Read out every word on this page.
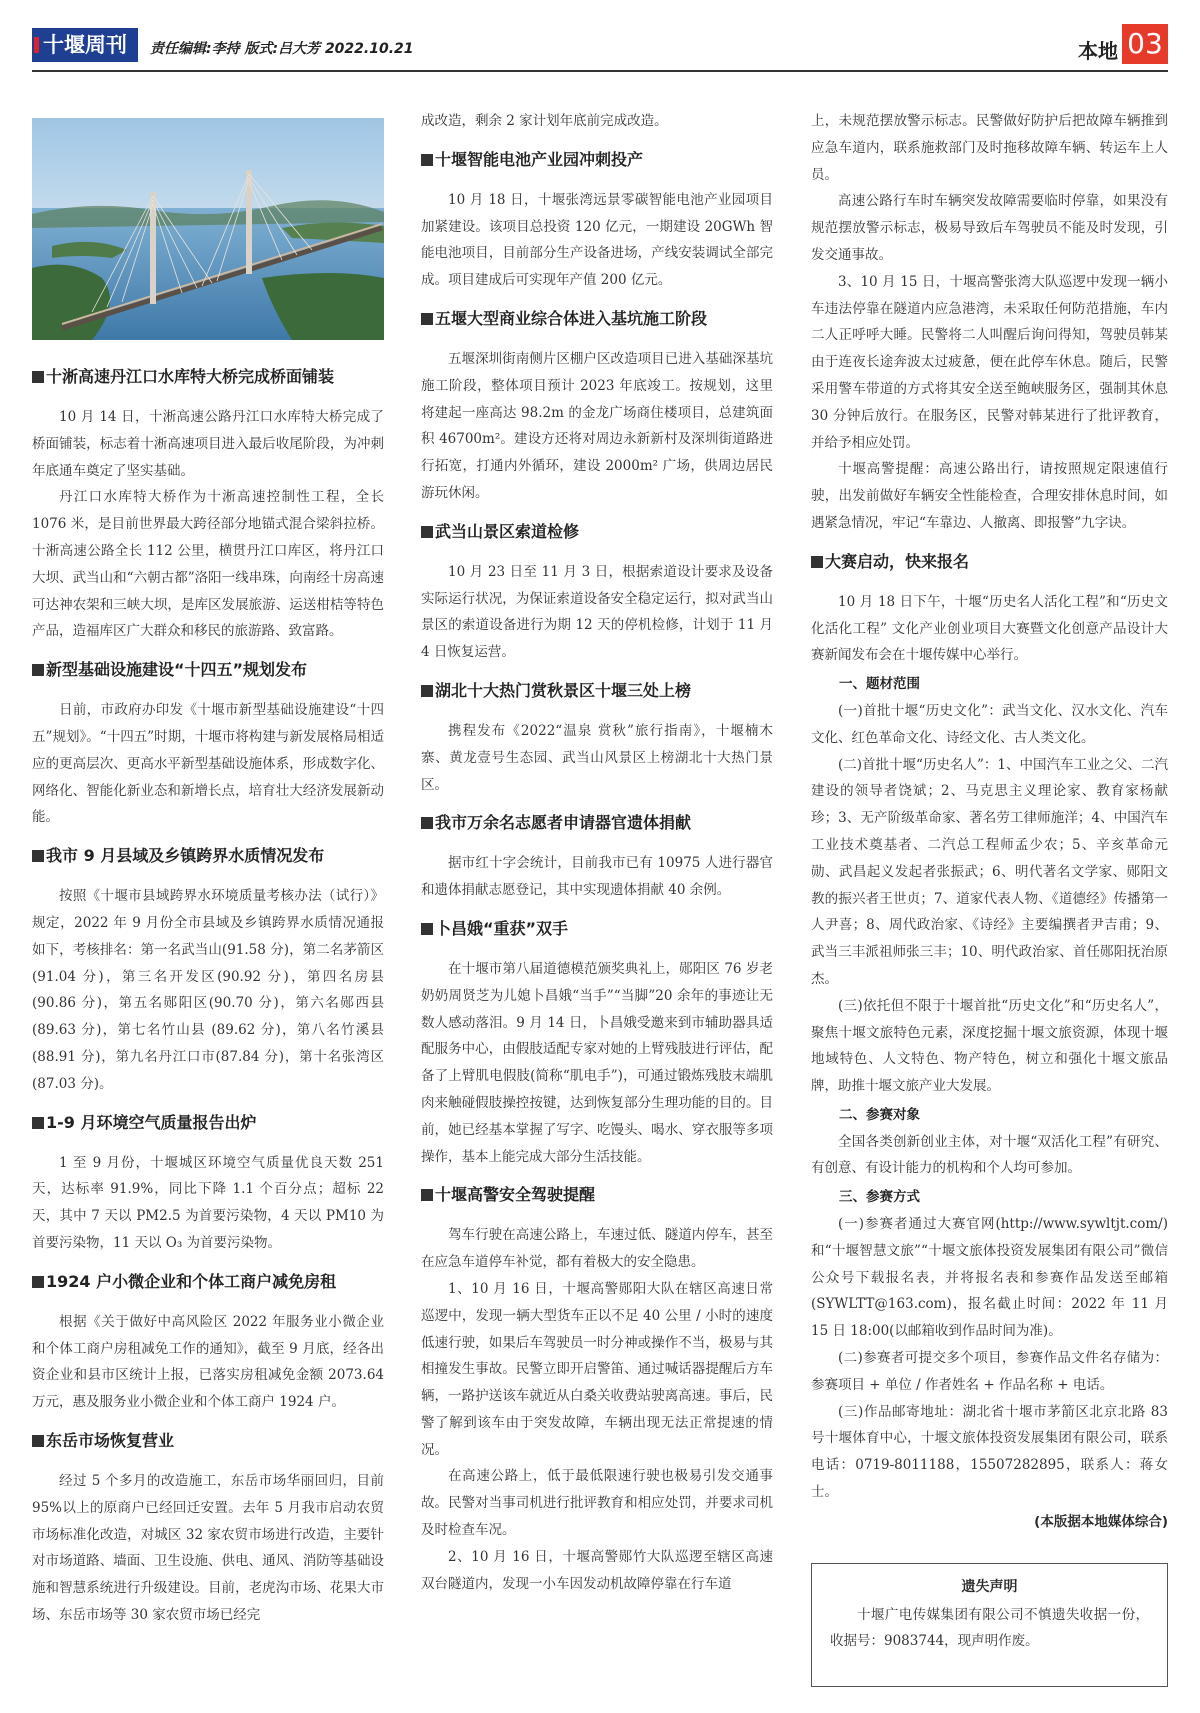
十堰周刊	责任编辑:李持 版式:吕大芳 2022.10.21	本地 03
十淅高速丹江口水库特大桥完成桥面铺装

10 月 14 日，十淅高速公路丹江口水库特大桥完成了桥面铺装，标志着十淅高速项目进入最后收尾阶段，为冲刺年底通车奠定了坚实基础。

丹江口水库特大桥作为十淅高速控制性工程，全长 1076 米，是目前世界最大跨径部分地锚式混合梁斜拉桥。十淅高速公路全长 112 公里，横贯丹江口库区，将丹江口大坝、武当山和“六朝古都”洛阳一线串珠，向南经十房高速可达神农架和三峡大坝，是库区发展旅游、运送柑桔等特色产品，造福库区广大群众和移民的旅游路、致富路。

新型基础设施建设“十四五”规划发布

日前，市政府办印发《十堰市新型基础设施建设“十四五”规划》。“十四五”时期，十堰市将构建与新发展格局相适应的更高层次、更高水平新型基础设施体系，形成数字化、网络化、智能化新业态和新增长点，培育壮大经济发展新动能。

我市 9 月县域及乡镇跨界水质情况发布

按照《十堰市县域跨界水环境质量考核办法（试行）》规定，2022 年 9 月份全市县域及乡镇跨界水质情况通报如下，考核排名：第一名武当山(91.58 分)，第二名茅箭区(91.04 分)，第三名开发区(90.92 分)，第四名房县(90.86 分)，第五名郧阳区(90.70 分)，第六名郧西县(89.63 分)，第七名竹山县 (89.62 分)，第八名竹溪县(88.91 分)，第九名丹江口市(87.84 分)，第十名张湾区(87.03 分)。

1-9 月环境空气质量报告出炉

1 至 9 月份，十堰城区环境空气质量优良天数 251 天，达标率 91.9%，同比下降 1.1 个百分点；超标 22 天，其中 7 天以 PM2.5 为首要污染物，4 天以 PM10 为首要污染物，11 天以 O₃ 为首要污染物。

1924 户小微企业和个体工商户减免房租

根据《关于做好中高风险区 2022 年服务业小微企业和个体工商户房租减免工作的通知》，截至 9 月底，经各出资企业和县市区统计上报，已落实房租减免金额 2073.64 万元，惠及服务业小微企业和个体工商户 1924 户。

东岳市场恢复营业

经过 5 个多月的改造施工，东岳市场华丽回归，目前 95%以上的原商户已经回迁安置。去年 5 月我市启动农贸市场标准化改造，对城区 32 家农贸市场进行改造，主要针对市场道路、墙面、卫生设施、供电、通风、消防等基础设施和智慧系统进行升级建设。目前，老虎沟市场、花果大市场、东岳市场等 30 家农贸市场已经完

成改造，剩余 2 家计划年底前完成改造。

十堰智能电池产业园冲刺投产

10 月 18 日，十堰张湾远景零碳智能电池产业园项目加紧建设。该项目总投资 120 亿元，一期建设 20GWh 智能电池项目，目前部分生产设备进场，产线安装调试全部完成。项目建成后可实现年产值 200 亿元。

五堰大型商业综合体进入基坑施工阶段

五堰深圳街南侧片区棚户区改造项目已进入基础深基坑施工阶段，整体项目预计 2023 年底竣工。按规划，这里将建起一座高达 98.2m 的金龙广场商住楼项目，总建筑面积 46700m²。建设方还将对周边永新新村及深圳街道路进行拓宽，打通内外循环，建设 2000m² 广场，供周边居民游玩休闲。

武当山景区索道检修

10 月 23 日至 11 月 3 日，根据索道设计要求及设备实际运行状况，为保证索道设备安全稳定运行，拟对武当山景区的索道设备进行为期 12 天的停机检修，计划于 11 月 4 日恢复运营。

湖北十大热门赏秋景区十堰三处上榜

携程发布《2022“温泉 赏秋”旅行指南》，十堰楠木寨、黄龙壹号生态园、武当山风景区上榜湖北十大热门景区。

我市万余名志愿者申请器官遗体捐献

据市红十字会统计，目前我市已有 10975 人进行器官和遗体捐献志愿登记，其中实现遗体捐献 40 余例。

卜昌娥“重获”双手

在十堰市第八届道德模范颁奖典礼上，郧阳区 76 岁老奶奶周贤芝为儿媳卜昌娥“当手”“当脚”20 余年的事迹让无数人感动落泪。9 月 14 日，卜昌娥受邀来到市辅助器具适配服务中心，由假肢适配专家对她的上臂残肢进行评估，配备了上臂肌电假肢(简称“肌电手”)，可通过锻炼残肢末端肌肉来触碰假肢操控按键，达到恢复部分生理功能的目的。目前，她已经基本掌握了写字、吃馒头、喝水、穿衣服等多项操作，基本上能完成大部分生活技能。

十堰高警安全驾驶提醒

驾车行驶在高速公路上，车速过低、隧道内停车，甚至在应急车道停车补觉，都有着极大的安全隐患。

1、10 月 16 日，十堰高警郧阳大队在辖区高速日常巡逻中，发现一辆大型货车正以不足 40 公里 / 小时的速度低速行驶，如果后车驾驶员一时分神或操作不当，极易与其相撞发生事故。民警立即开启警笛、通过喊话器提醒后方车辆，一路护送该车就近从白桑关收费站驶离高速。事后，民警了解到该车由于突发故障，车辆出现无法正常提速的情况。

在高速公路上，低于最低限速行驶也极易引发交通事故。民警对当事司机进行批评教育和相应处罚，并要求司机及时检查车况。

2、10 月 16 日，十堰高警郧竹大队巡逻至辖区高速双台隧道内，发现一小车因发动机故障停靠在行车道

上，未规范摆放警示标志。民警做好防护后把故障车辆推到应急车道内，联系施救部门及时拖移故障车辆、转运车上人员。

高速公路行车时车辆突发故障需要临时停靠，如果没有规范摆放警示标志，极易导致后车驾驶员不能及时发现，引发交通事故。

3、10 月 15 日，十堰高警张湾大队巡逻中发现一辆小车违法停靠在隧道内应急港湾，未采取任何防范措施，车内二人正呼呼大睡。民警将二人叫醒后询问得知，驾驶员韩某由于连夜长途奔波太过疲惫，便在此停车休息。随后，民警采用警车带道的方式将其安全送至鲍峡服务区，强制其休息 30 分钟后放行。在服务区，民警对韩某进行了批评教育，并给予相应处罚。

十堰高警提醒：高速公路出行，请按照规定限速值行驶，出发前做好车辆安全性能检查，合理安排休息时间，如遇紧急情况，牢记“车靠边、人撤离、即报警”九字诀。

大赛启动，快来报名

10 月 18 日下午，十堰“历史名人活化工程”和“历史文化活化工程” 文化产业创业项目大赛暨文化创意产品设计大赛新闻发布会在十堰传媒中心举行。

一、题材范围

(一)首批十堰“历史文化”：武当文化、汉水文化、汽车文化、红色革命文化、诗经文化、古人类文化。

(二)首批十堰“历史名人”：1、中国汽车工业之父、二汽建设的领导者饶斌；2、马克思主义理论家、教育家杨献珍；3、无产阶级革命家、著名劳工律师施洋；4、中国汽车工业技术奠基者、二汽总工程师孟少农；5、辛亥革命元勋、武昌起义发起者张振武；6、明代著名文学家、郧阳文教的振兴者王世贞；7、道家代表人物、《道德经》传播第一人尹喜；8、周代政治家、《诗经》主要编撰者尹吉甫；9、武当三丰派祖师张三丰；10、明代政治家、首任郧阳抚治原杰。

(三)依托但不限于十堰首批“历史文化”和“历史名人”，聚焦十堰文旅特色元素，深度挖掘十堰文旅资源，体现十堰地域特色、人文特色、物产特色，树立和强化十堰文旅品牌，助推十堰文旅产业大发展。

二、参赛对象

全国各类创新创业主体，对十堰“双活化工程”有研究、有创意、有设计能力的机构和个人均可参加。

三、参赛方式

(一)参赛者通过大赛官网(http://www.sywltjt.com/)和“十堰智慧文旅”“十堰文旅体投资发展集团有限公司”微信公众号下载报名表，并将报名表和参赛作品发送至邮箱(SYWLTT@163.com)，报名截止时间：2022 年 11 月 15 日 18:00(以邮箱收到作品时间为准)。

(二)参赛者可提交多个项目，参赛作品文件名存储为：参赛项目 + 单位 / 作者姓名 + 作品名称 + 电话。

(三)作品邮寄地址：湖北省十堰市茅箭区北京北路 83 号十堰体育中心，十堰文旅体投资发展集团有限公司，联系电话：0719-8011188，15507282895，联系人：蒋女士。

(本版据本地媒体综合)
遗失声明

十堰广电传媒集团有限公司不慎遗失收据一份，收据号：9083744，现声明作废。
